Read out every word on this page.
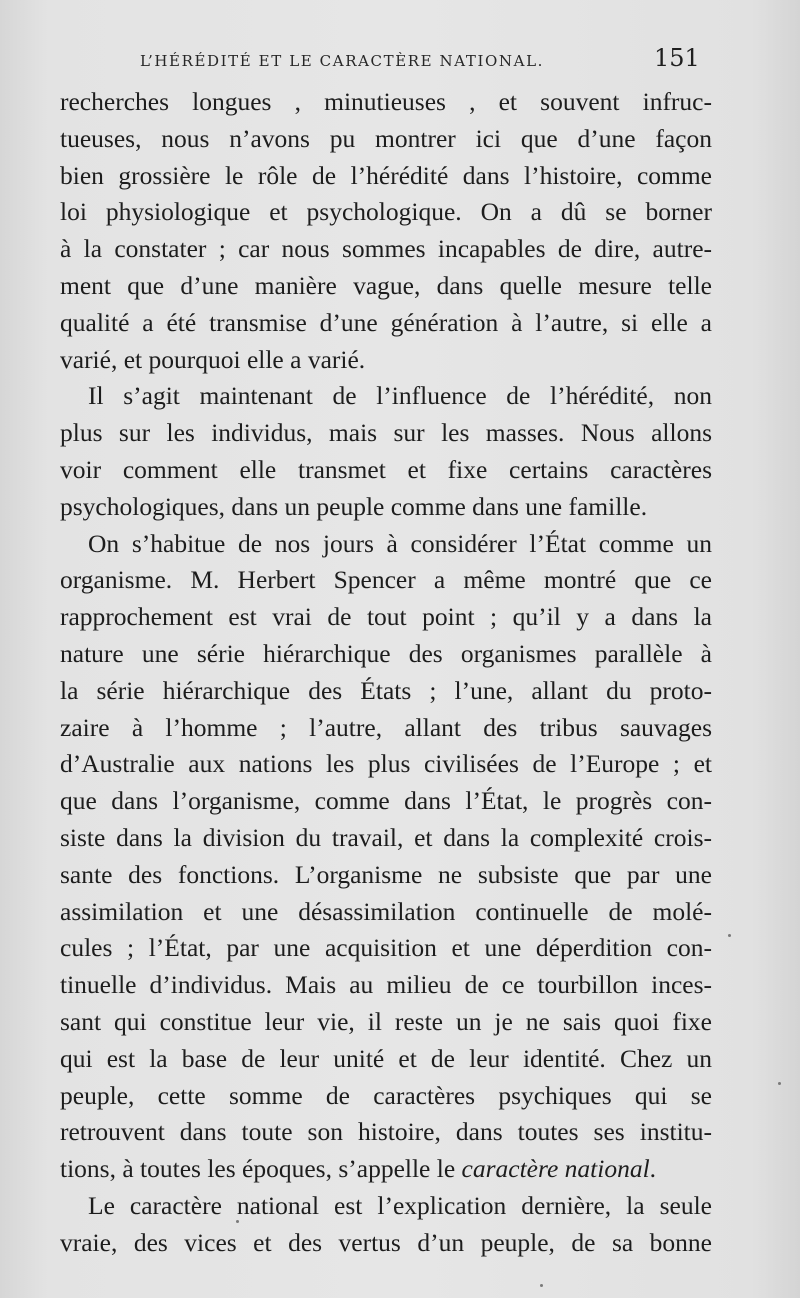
L’HÉRÉDITÉ ET LE CARACTÈRE NATIONAL.	151
recherches longues , minutieuses , et souvent infruc-
tueuses, nous n’avons pu montrer ici que d’une façon
bien grossière le rôle de l’hérédité dans l’histoire, comme
loi physiologique et psychologique. On a dû se borner
à la constater ; car nous sommes incapables de dire, autre-
ment que d’une manière vague, dans quelle mesure telle
qualité a été transmise d’une génération à l’autre, si elle a
varié, et pourquoi elle a varié.
Il s’agit maintenant de l’influence de l’hérédité, non
plus sur les individus, mais sur les masses. Nous allons
voir comment elle transmet et fixe certains caractères
psychologiques, dans un peuple comme dans une famille.
On s’habitue de nos jours à considérer l’État comme un
organisme. M. Herbert Spencer a même montré que ce
rapprochement est vrai de tout point ; qu’il y a dans la
nature une série hiérarchique des organismes parallèle à
la série hiérarchique des États ; l’une, allant du proto-
zaire à l’homme ; l’autre, allant des tribus sauvages
d’Australie aux nations les plus civilisées de l’Europe ; et
que dans l’organisme, comme dans l’État, le progrès con-
siste dans la division du travail, et dans la complexité crois-
sante des fonctions. L’organisme ne subsiste que par une
assimilation et une désassimilation continuelle de molé-
cules ; l’État, par une acquisition et une déperdition con-
tinuelle d’individus. Mais au milieu de ce tourbillon inces-
sant qui constitue leur vie, il reste un je ne sais quoi fixe
qui est la base de leur unité et de leur identité. Chez un
peuple, cette somme de caractères psychiques qui se
retrouvent dans toute son histoire, dans toutes ses institu-
tions, à toutes les époques, s’appelle le caractère national.
Le caractère national est l’explication dernière, la seule
vraie, des vices et des vertus d’un peuple, de sa bonne
